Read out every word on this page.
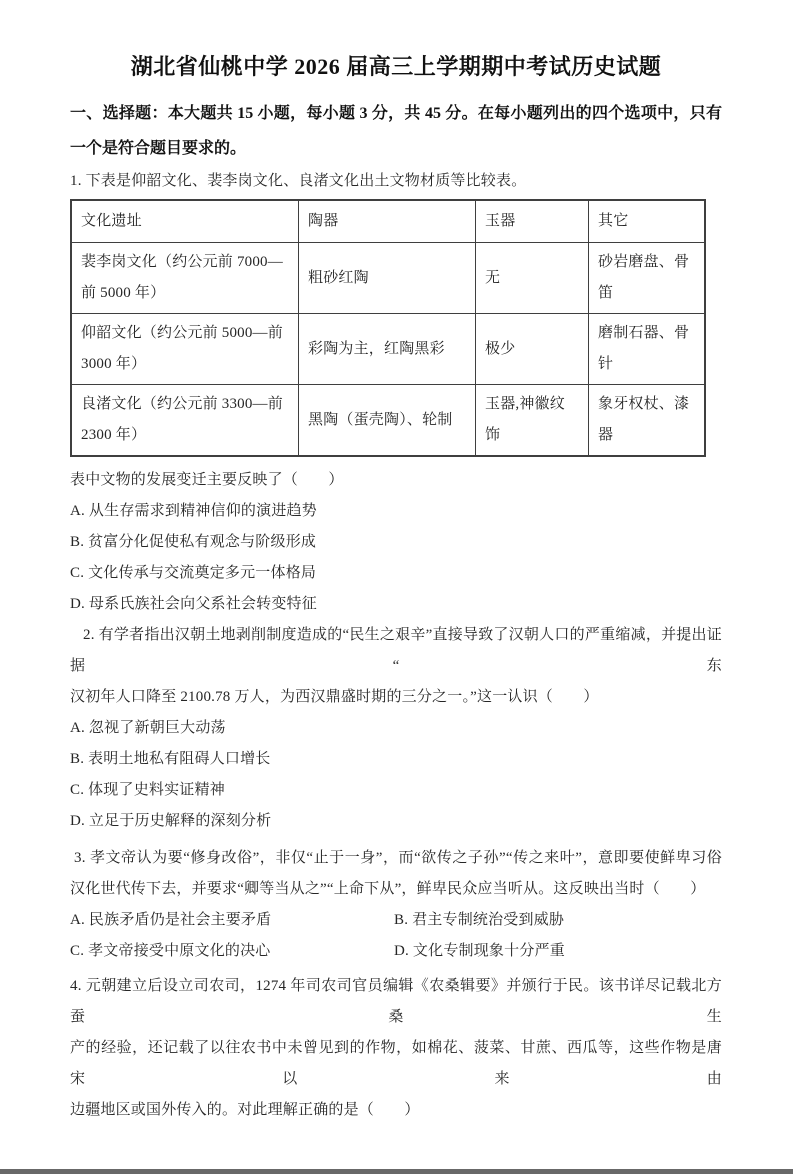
湖北省仙桃中学 2026 届高三上学期期中考试历史试题
一、选择题：本大题共 15 小题，每小题 3 分，共 45 分。在每小题列出的四个选项中，只有
一个是符合题目要求的。
1. 下表是仰韶文化、裴李岗文化、良渚文化出土文物材质等比较表。
文化遗址	陶器	玉器	其它
裴李岗文化（约公元前 7000—前 5000 年）	粗砂红陶	无	砂岩磨盘、骨笛
仰韶文化（约公元前 5000—前 3000 年）	彩陶为主，红陶黑彩	极少	磨制石器、骨针
良渚文化（约公元前 3300—前 2300 年）	黑陶（蛋壳陶）、轮制	玉器,神徽纹饰	象牙权杖、漆器
表中文物的发展变迁主要反映了（　　）
A. 从生存需求到精神信仰的演进趋势
B. 贫富分化促使私有观念与阶级形成
C. 文化传承与交流奠定多元一体格局
D. 母系氏族社会向父系社会转变特征
2. 有学者指出汉朝土地剥削制度造成的“民生之艰辛”直接导致了汉朝人口的严重缩减，并提出证据“东
汉初年人口降至 2100.78 万人，为西汉鼎盛时期的三分之一。”这一认识（　　）
A. 忽视了新朝巨大动荡
B. 表明土地私有阻碍人口增长
C. 体现了史料实证精神
D. 立足于历史解释的深刻分析
3. 孝文帝认为要“修身改俗”，非仅“止于一身”，而“欲传之子孙”“传之来叶”，意即要使鲜卑习俗
汉化世代传下去，并要求“卿等当从之”“上命下从”，鲜卑民众应当听从。这反映出当时（　　）
A. 民族矛盾仍是社会主要矛盾	B. 君主专制统治受到威胁
C. 孝文帝接受中原文化的决心	D. 文化专制现象十分严重
4. 元朝建立后设立司农司，1274 年司农司官员编辑《农桑辑要》并颁行于民。该书详尽记载北方蚕桑生
产的经验，还记载了以往农书中未曾见到的作物，如棉花、菠菜、甘蔗、西瓜等，这些作物是唐宋以来由
边疆地区或国外传入的。对此理解正确的是（　　）
